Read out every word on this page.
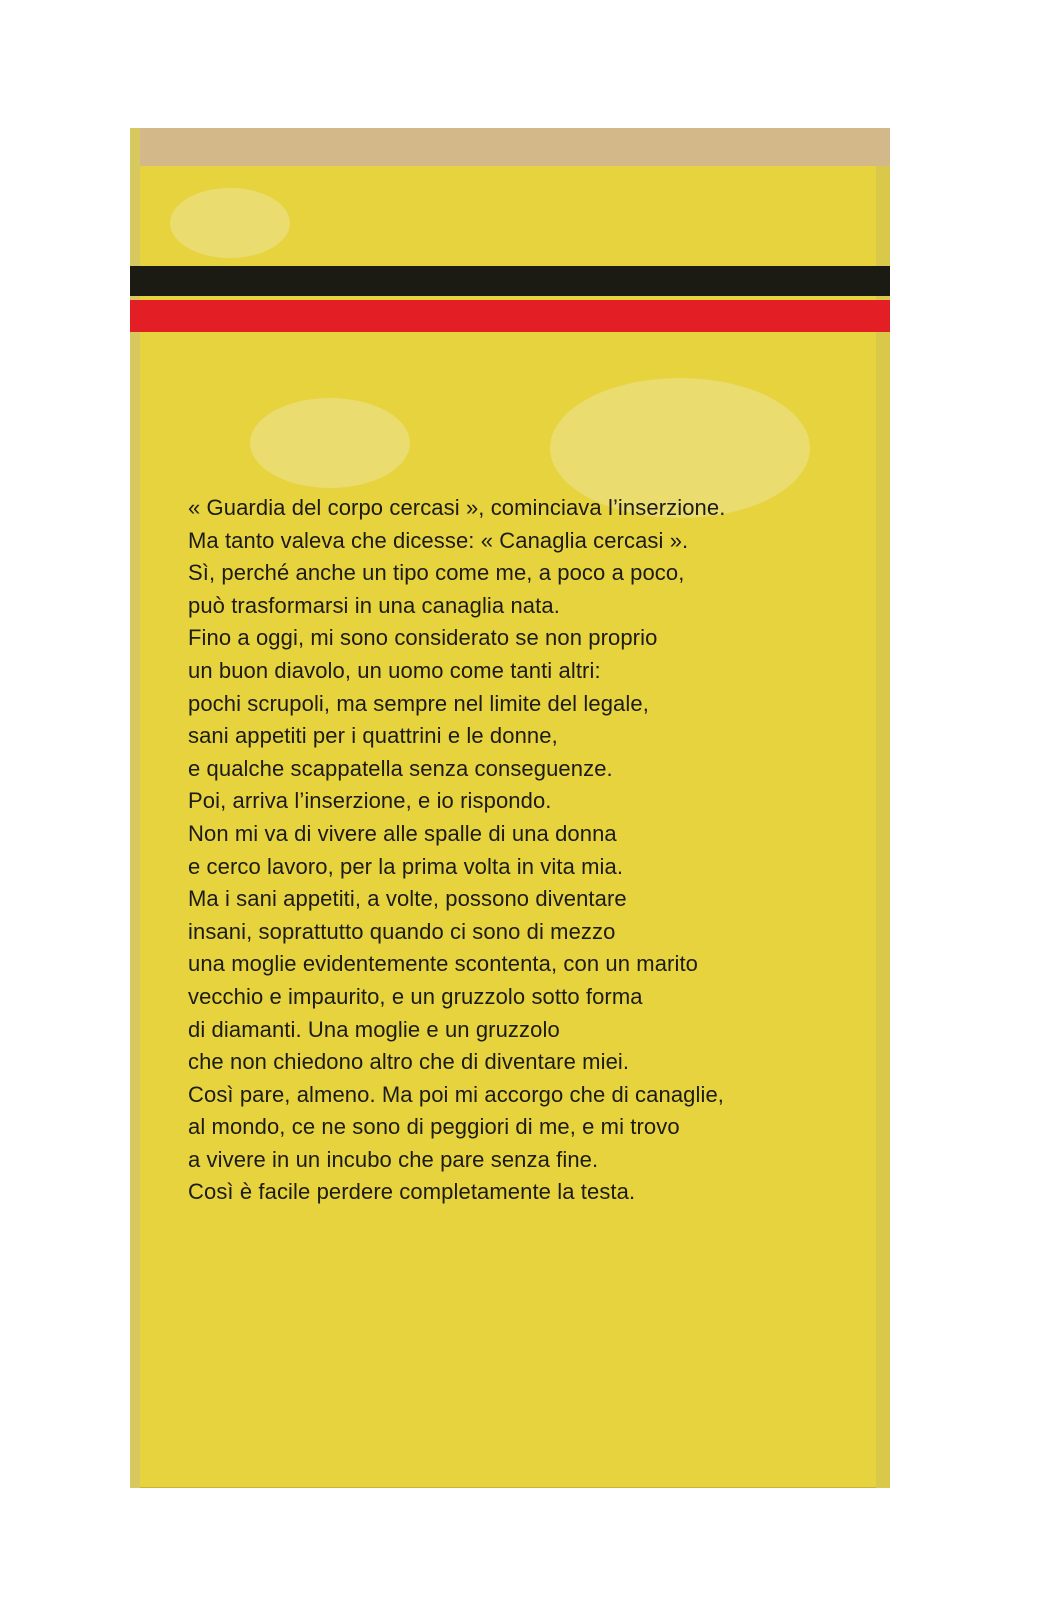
« Guardia del corpo cercasi », cominciava l’inserzione.
Ma tanto valeva che dicesse: « Canaglia cercasi ».
Sì, perché anche un tipo come me, a poco a poco,
può trasformarsi in una canaglia nata.
Fino a oggi, mi sono considerato se non proprio
un buon diavolo, un uomo come tanti altri:
pochi scrupoli, ma sempre nel limite del legale,
sani appetiti per i quattrini e le donne,
e qualche scappatella senza conseguenze.
Poi, arriva l’inserzione, e io rispondo.
Non mi va di vivere alle spalle di una donna
e cerco lavoro, per la prima volta in vita mia.
Ma i sani appetiti, a volte, possono diventare
insani, soprattutto quando ci sono di mezzo
una moglie evidentemente scontenta, con un marito
vecchio e impaurito, e un gruzzolo sotto forma
di diamanti. Una moglie e un gruzzolo
che non chiedono altro che di diventare miei.
Così pare, almeno. Ma poi mi accorgo che di canaglie,
al mondo, ce ne sono di peggiori di me, e mi trovo
a vivere in un incubo che pare senza fine.
Così è facile perdere completamente la testa.
